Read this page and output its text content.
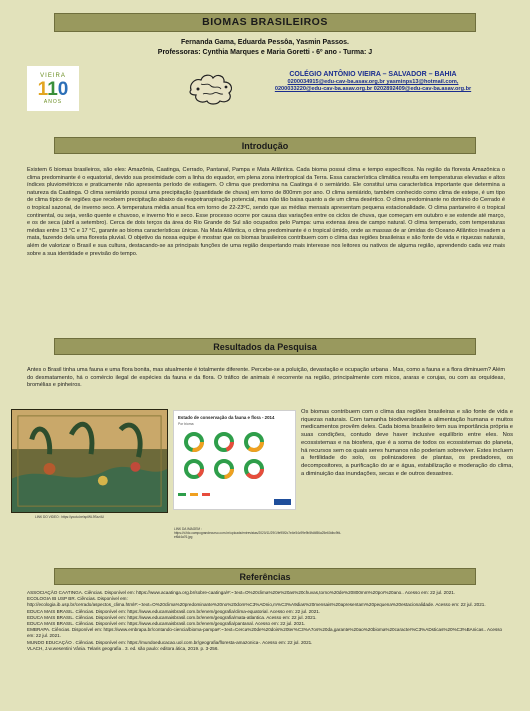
BIOMAS BRASILEIROS
Fernanda Gama, Eduarda Pessôa, Yasmin Passos.
Professoras: Cynthia Marques e Maria Goretti - 6º ano - Turma: J
VIEIRA
110
ANOS
COLÉGIO ANTÔNIO VIEIRA – SALVADOR – BAHIA
0200034915@edu-cav-ba.asav.org.br yasminps13@hotmail.com,
0200033220@edu-cav-ba.asav.org.br 0202892409@edu-cav-ba.asav.org.br
Introdução
Existem 6 biomas brasileiros, são eles: Amazônia, Caatinga, Cerrado, Pantanal, Pampa e Mata Atlântica. Cada bioma possui clima e tempo específicos. Na região da floresta Amazônica o clima predominante é o equatorial, devido sua proximidade com a linha do equador, em plena zona intertropical da Terra. Essa característica climática resulta em temperaturas elevadas e altos índices pluviométricos e praticamente não apresenta período de estiagem. O clima que predomina na Caatinga é o semiárido. Ele constitui uma característica importante que determina a natureza da Caatinga. O clima semiárido possui uma precipitação (quantidade de chuva) em torno de 800mm por ano. O clima semiárido, também conhecido como clima de estepe, é um tipo de clima típico de regiões que recebem precipitação abaixo da evapotranspiração potencial, mas não tão baixa quanto a de um clima desértico. O clima predominante no domínio do Cerrado é o tropical sazonal, de inverno seco. A temperatura média anual fica em torno de 22-23ºC, sendo que as médias mensais apresentam pequena estacionalidade. O clima pantaneiro é o tropical continental, ou seja, verão quente e chuvoso, e inverno frio e seco. Esse processo ocorre por causa das variações entre os ciclos de chuva, que começam em outubro e se estende até março, e os de seca (abril a setembro). Cerca de dois terços da área do Rio Grande do Sul são ocupados pelo Pampa: uma extensa área de campo natural. O clima temperado, com temperaturas médias entre 13 °C e 17 °C, garante ao bioma características únicas. Na Mata Atlântica, o clima predominante é o tropical úmido, onde as massas de ar úmidas do Oceano Atlântico invadem a mata, fazendo dela uma floresta pluvial. O objetivo da nossa equipe é mostrar que os biomas brasileiros contribuem com o clima das regiões brasileiras e são fonte de vida e riquezas naturais, além de valorizar o Brasil e sua cultura, destacando-se as principais funções de uma região despertando mais interesse nos leitores ou nativos de alguma região, aprendendo cada vez mais sobre a sua identidade e previsão do tempo.
Resultados da Pesquisa
Antes o Brasil tinha uma fauna e uma flora bonita, mas atualmente é totalmente diferente. Percebe-se a poluição, devastação e ocupação urbana . Mas, como a fauna e a flora diminuem? Além do desmatamento, há o comércio ilegal de espécies da fauna e da flora. O tráfico de animais é recorrente na região, principalmente com micos, araras e corujas, ou com as orquídeas, bromélias e pinheiros.
LINK DO VIDEO : https://youtu.be/spiWL9Sxz4U
Estado de conservação da fauna e flora - 2014
Por bioma
LINK DA IMAGEM : https://d.fdc.campograndecurso.com.br/uploads/entrevistas/2020/11/29/1/fe95f2c7e4e54c99e9b5fd4f86a25e60dbc9fd-ef6d4a76.jpg
Os biomas contribuem com o clima das regiões brasileiras e são fonte de vida e riquezas naturais. Com tamanha biodiversidade a alimentação humana e muitos medicamentos provêm deles. Cada bioma brasileiro tem sua importância própria e suas condições, contudo deve haver inclusive equilíbrio entre eles. Nos ecossistemas e na biosfera, que é a soma de todos os ecossistemas do planeta, há recursos sem os quais seres humanos não poderiam sobreviver. Estes incluem a fertilidade do solo, os polinizadores de plantas, os predadores, os decompositores, a purificação do ar e água, estabilização e moderação do clima, a diminuição das inundações, secas e de outros desastres.
Referências
ASSOCIAÇÃO CAATINGA. Ciências. Disponível em: https://www.acaatinga.org.br/sobre-caatinga/#:~:text=O%20clima%20e%20as%20chuvas,torno%20de%20800mm%20por%20ano.. Acesso em: 22 jul. 2021.
ECOLOGIA IB USP BR. Ciências. Disponível em: http://ecologia.ib.usp.br/cerrado/aspectos_clima.html#:~:text=O%20clima%20predominante%20no%20dom%C3%ADnio,m%C3%A9dias%20mensais%20apresentam%20pequena%20estacionalidade. Acesso em: 22 jul. 2021.
EDUCA MAIS BRASIL. Ciências. Disponível em: https://www.educamaisbrasil.com.br/enem/geografia/clima-equatorial. Acesso em: 22 jul. 2021.
EDUCA MAIS BRASIL. Ciências. Disponível em: https://www.educamaisbrasil.com.br/enem/geografia/mata-atlantica. Acesso em: 22 jul. 2021.
EDUCA MAIS BRASIL. Ciências. Disponível em: https://www.educamaisbrasil.com.br/enem/geografia/pantanal. Acesso em: 22 jul. 2021.
EMBRAPA. Ciências. Disponível em: https://www.embrapa.br/contando-ciencia/bioma-pampa#:~:text=Cerca%20de%20dois%20ter%C3%A7os%20da,garante%20ao%20bioma%20caracter%C3%ADsticas%20%C3%BAnicas.. Acesso em: 22 jul. 2021.
MUNDO EDUCAÇÃO . Ciências. Disponível em: https://mundoeducacao.uol.com.br/geografia/floresta-amazonica-. Acesso em: 22 jul. 2021.
VLACH, J.w.wesentini Vânia. Telaris geografia . 3. ed. são paulo: editora ática, 2019. p. 3-256.
